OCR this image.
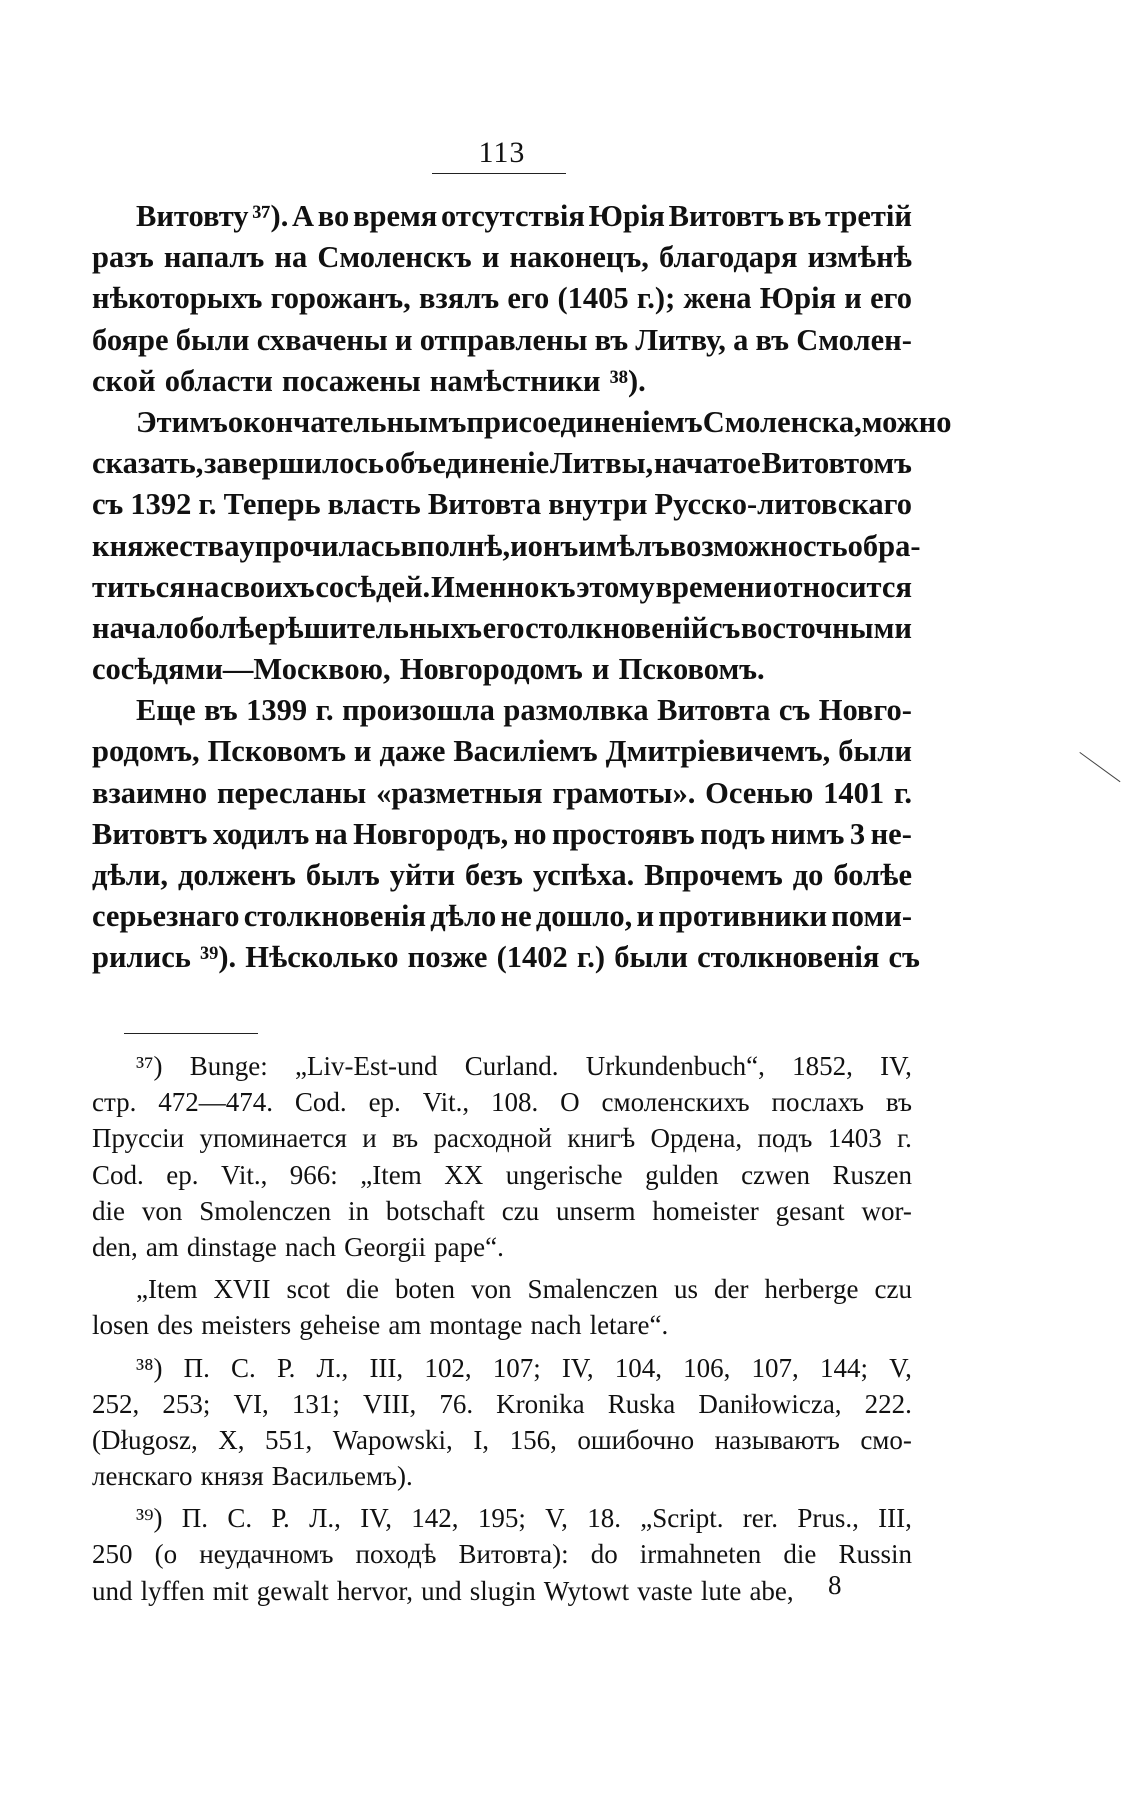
113
Витовту ³⁷). А во время отсутствія Юрія Витовтъ въ третій
разъ напалъ на Смоленскъ и наконецъ, благодаря измѣнѣ
нѣкоторыхъ горожанъ, взялъ его (1405 г.); жена Юрія и его
бояре были схвачены и отправлены въ Литву, а въ Смолен-
ской области посажены намѣстники ³⁸).
Этимъ окончательнымъ присоединеніемъ Смоленска, можно
сказать, завершилось объединеніе Литвы, начатое Витовтомъ
съ 1392 г. Теперь власть Витовта внутри Русско-литовскаго
княжества упрочилась вполнѣ, и онъ имѣлъ возможность обра-
титься на своихъ сосѣдей. Именно къ этому времени относится
начало болѣе рѣшительныхъ его столкновеній съ восточными
сосѣдями—Москвою, Новгородомъ и Псковомъ.
Еще въ 1399 г. произошла размолвка Витовта съ Новго-
родомъ, Псковомъ и даже Василіемъ Дмитріевичемъ, были
взаимно пересланы «разметныя грамоты». Осенью 1401 г.
Витовтъ ходилъ на Новгородъ, но простоявъ подъ нимъ 3 не-
дѣли, долженъ былъ уйти безъ успѣха. Впрочемъ до болѣе
серьезнаго столкновенія дѣло не дошло, и противники поми-
рились ³⁹). Нѣсколько позже (1402 г.) были столкновенія съ
³⁷) Bunge: „Liv-Est-und Curland. Urkundenbuch“, 1852, IV,
стр. 472—474. Cod. ep. Vit., 108. О смоленскихъ послахъ въ
Пруссіи упоминается и въ расходной книгѣ Ордена, подъ 1403 г.
Cod. ep. Vit., 966: „Item XX ungerische gulden czwen Ruszen
die von Smolenczen in botschaft czu unserm homeister gesant wor-
den, am dinstage nach Georgii pape“.
„Item XVII scot die boten von Smalenczen us der herberge czu
losen des meisters geheise am montage nach letare“.
³⁸) П. С. Р. Л., III, 102, 107; IV, 104, 106, 107, 144; V,
252, 253; VI, 131; VIII, 76. Kronika Ruska Daniłowicza, 222.
(Długosz, X, 551, Wapowski, I, 156, ошибочно называютъ смо-
ленскаго князя Васильемъ).
³⁹) П. С. Р. Л., IV, 142, 195; V, 18. „Script. rer. Prus., III,
250 (о неудачномъ походѣ Витовта): do irmahneten die Russin
und lyffen mit gewalt hervor, und slugin Wytowt vaste lute abe, 8
